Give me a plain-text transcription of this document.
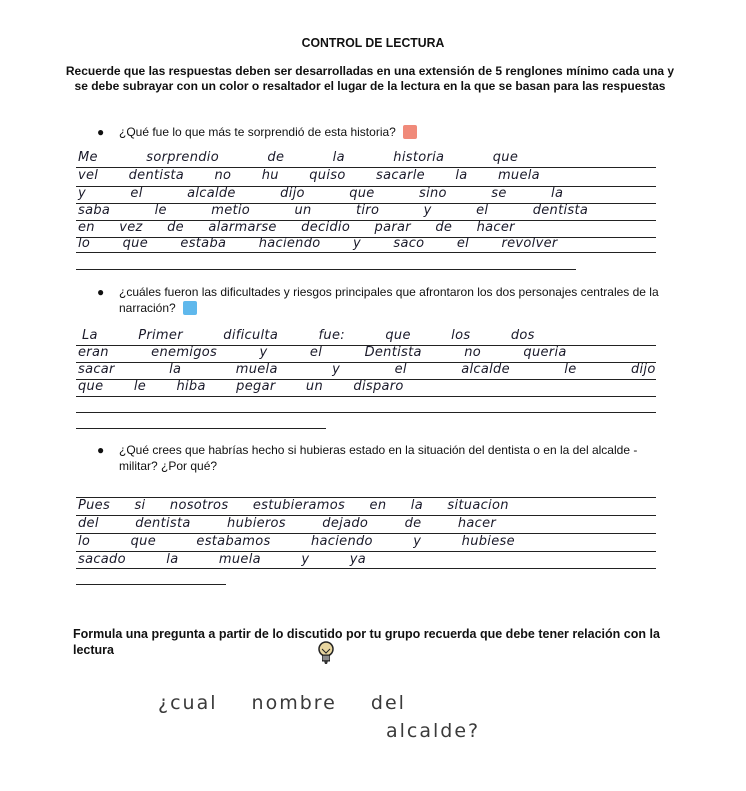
CONTROL DE LECTURA
Recuerde que las respuestas deben ser desarrolladas en una extensión de 5 renglones mínimo cada una y se debe subrayar con un color o resaltador el lugar de la lectura en la que se basan para las respuestas
● ¿Qué fue lo que más te sorprendió de esta historia?
Me sorprendio de la historia que
vel dentista no hu quiso sacarle la muela
y el alcalde dijo que sino se la
saba le metio un tiro y el dentista
en vez de alarmarse decidio parar de hacer
lo que estaba haciendo y saco el revolver
● ¿cuáles fueron las dificultades y riesgos principales que afrontaron los dos personajes centrales de la narración?
La Primer dificulta fue: que los dos
eran enemigos y el Dentista no queria
sacar la muela y el alcalde le dijo
que le hiba pegar un disparo
● ¿Qué crees que habrías hecho si hubieras estado en la situación del dentista o en la del alcalde - militar? ¿Por qué?
Pues si nosotros estubieramos en la situacion
del dentista hubieros dejado de hacer
lo que estabamos haciendo y hubiese
sacado la muela y ya
Formula una pregunta a partir de lo discutido por tu grupo recuerda que debe tener relación con la lectura
¿cual nombre del
alcalde?
